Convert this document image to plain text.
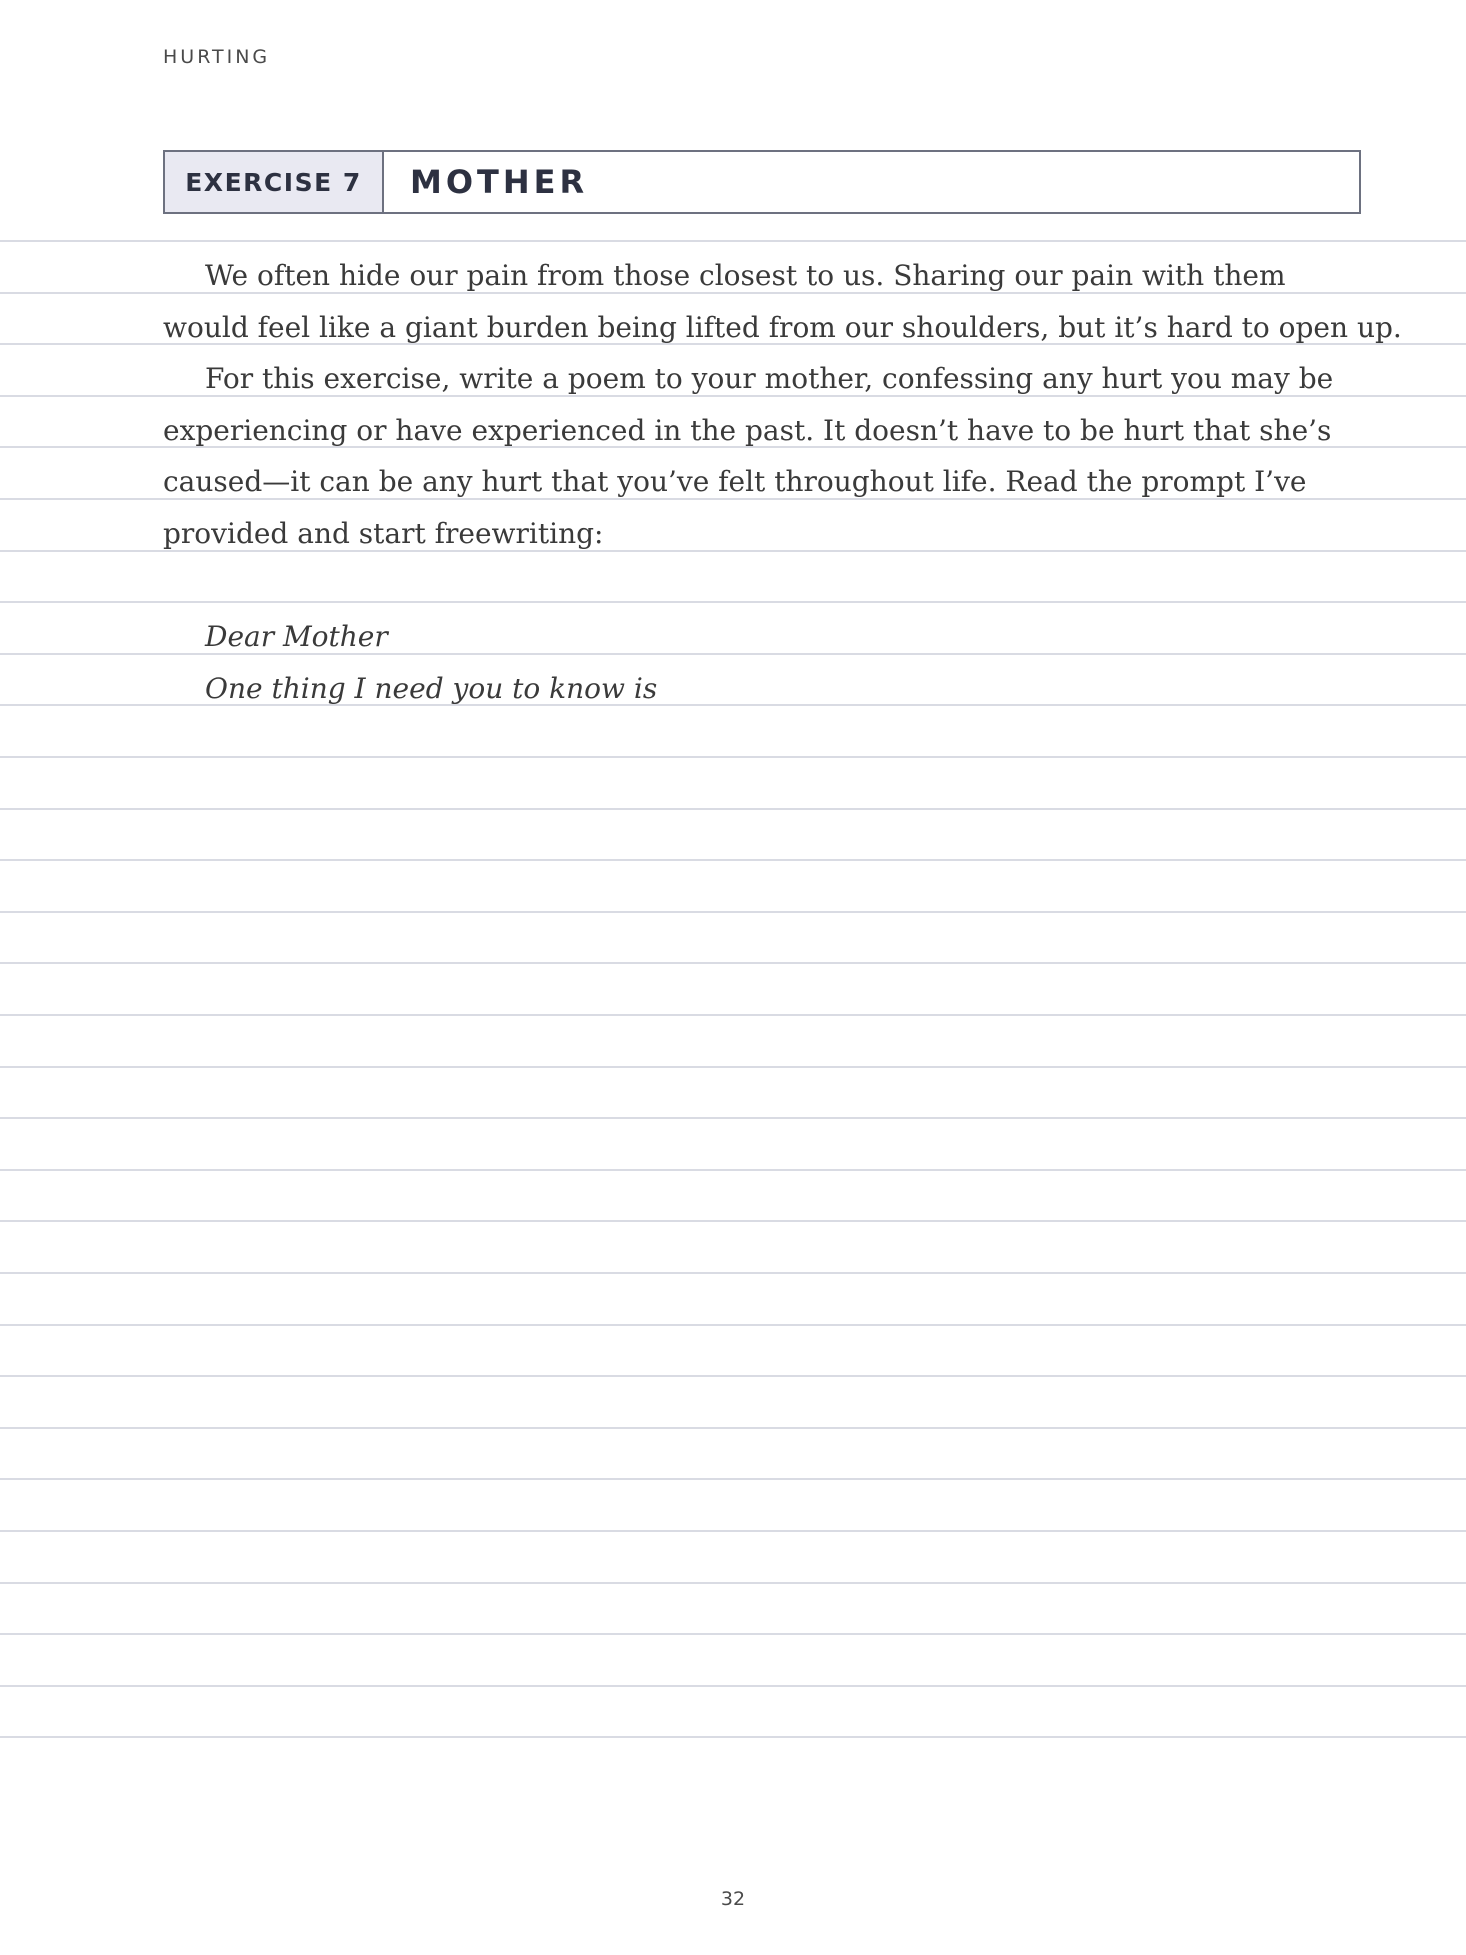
HURTING
EXERCISE 7	MOTHER
We often hide our pain from those closest to us. Sharing our pain with them
would feel like a giant burden being lifted from our shoulders, but it’s hard to open up.
For this exercise, write a poem to your mother, confessing any hurt you may be
experiencing or have experienced in the past. It doesn’t have to be hurt that she’s
caused—it can be any hurt that you’ve felt throughout life. Read the prompt I’ve
provided and start freewriting:
Dear Mother
One thing I need you to know is
32
